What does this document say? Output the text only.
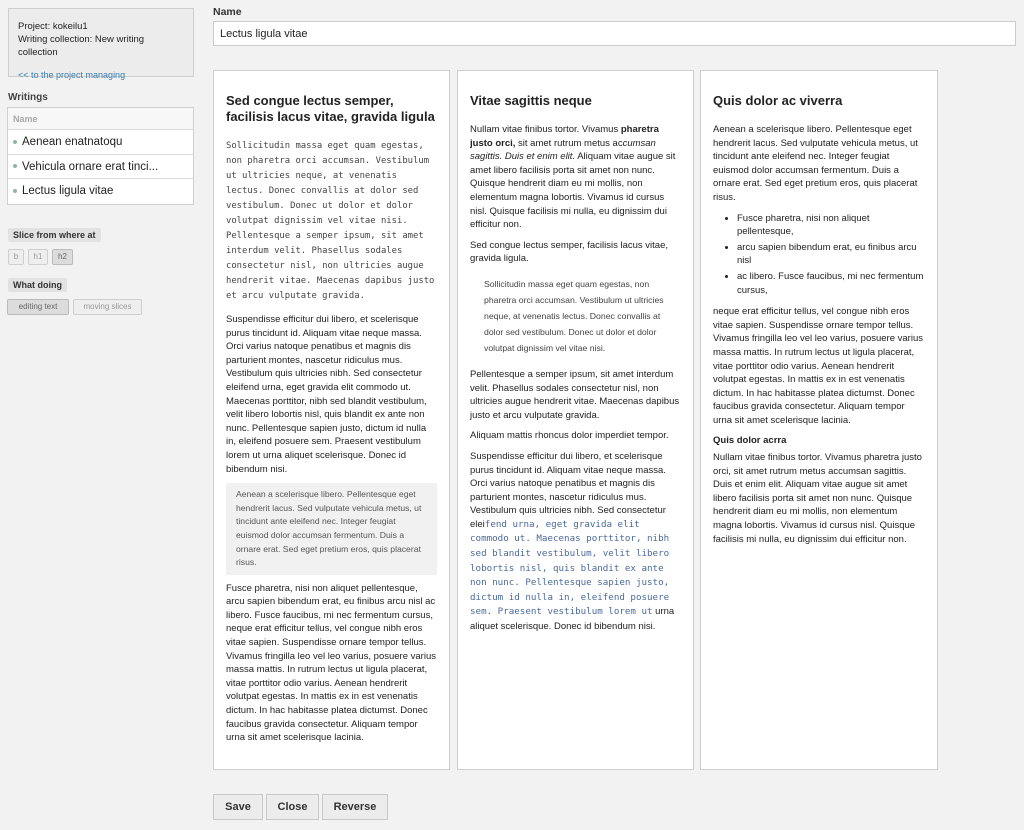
Project: kokeilu1
Writing collection: New writing collection
<< to the project managing
Writings
Name
Aenean enatnatoqu
Vehicula ornare erat tinci...
Lectus ligula vitae
Slice from where at
b	h1	h2
What doing
editing text	moving slices
Name
Lectus ligula vitae
Sed congue lectus semper, facilisis lacus vitae, gravida ligula

Sollicitudin massa eget quam egestas, non pharetra orci accumsan. Vestibulum ut ultricies neque, at venenatis lectus. Donec convallis at dolor sed vestibulum. Donec ut dolor et dolor volutpat dignissim vel vitae nisi. Pellentesque a semper ipsum, sit amet interdum velit. Phasellus sodales consectetur nisl, non ultricies augue hendrerit vitae. Maecenas dapibus justo et arcu vulputate gravida.

Suspendisse efficitur dui libero, et scelerisque purus tincidunt id. Aliquam vitae neque massa. Orci varius natoque penatibus et magnis dis parturient montes, nascetur ridiculus mus. Vestibulum quis ultricies nibh. Sed consectetur eleifend urna, eget gravida elit commodo ut. Maecenas porttitor, nibh sed blandit vestibulum, velit libero lobortis nisl, quis blandit ex ante non nunc. Pellentesque sapien justo, dictum id nulla in, eleifend posuere sem. Praesent vestibulum lorem ut urna aliquet scelerisque. Donec id bibendum nisi.

Aenean a scelerisque libero. Pellentesque eget hendrerit lacus. Sed vulputate vehicula metus, ut tincidunt ante eleifend nec. Integer feugiat euismod dolor accumsan fermentum. Duis a ornare erat. Sed eget pretium eros, quis placerat risus.

Fusce pharetra, nisi non aliquet pellentesque, arcu sapien bibendum erat, eu finibus arcu nisl ac libero. Fusce faucibus, mi nec fermentum cursus, neque erat efficitur tellus, vel congue nibh eros vitae sapien. Suspendisse ornare tempor tellus. Vivamus fringilla leo vel leo varius, posuere varius massa mattis. In rutrum lectus ut ligula placerat, vitae porttitor odio varius. Aenean hendrerit volutpat egestas. In mattis ex in est venenatis dictum. In hac habitasse platea dictumst. Donec faucibus gravida consectetur. Aliquam tempor urna sit amet scelerisque lacinia.

Vitae sagittis neque

Nullam vitae finibus tortor. Vivamus pharetra justo orci, sit amet rutrum metus accumsan sagittis. Duis et enim elit. Aliquam vitae augue sit amet libero facilisis porta sit amet non nunc. Quisque hendrerit diam eu mi mollis, non elementum magna lobortis. Vivamus id cursus nisl. Quisque facilisis mi nulla, eu dignissim dui efficitur non.

Sed congue lectus semper, facilisis lacus vitae, gravida ligula.

Sollicitudin massa eget quam egestas, non pharetra orci accumsan. Vestibulum ut ultricies neque, at venenatis lectus. Donec convallis at dolor sed vestibulum. Donec ut dolor et dolor volutpat dignissim vel vitae nisi.

Pellentesque a semper ipsum, sit amet interdum velit. Phasellus sodales consectetur nisl, non ultricies augue hendrerit vitae. Maecenas dapibus justo et arcu vulputate gravida.

Aliquam mattis rhoncus dolor imperdiet tempor.

Suspendisse efficitur dui libero, et scelerisque purus tincidunt id. Aliquam vitae neque massa. Orci varius natoque penatibus et magnis dis parturient montes, nascetur ridiculus mus. Vestibulum quis ultricies nibh. Sed consectetur eleifend urna, eget gravida elit commodo ut. Maecenas porttitor, nibh sed blandit vestibulum, velit libero lobortis nisl, quis blandit ex ante non nunc. Pellentesque sapien justo, dictum id nulla in, eleifend posuere sem. Praesent vestibulum lorem ut urna aliquet scelerisque. Donec id bibendum nisi.

Quis dolor ac viverra

Aenean a scelerisque libero. Pellentesque eget hendrerit lacus. Sed vulputate vehicula metus, ut tincidunt ante eleifend nec. Integer feugiat euismod dolor accumsan fermentum. Duis a ornare erat. Sed eget pretium eros, quis placerat risus.

• Fusce pharetra, nisi non aliquet pellentesque,
• arcu sapien bibendum erat, eu finibus arcu nisl
• ac libero. Fusce faucibus, mi nec fermentum cursus,

neque erat efficitur tellus, vel congue nibh eros vitae sapien. Suspendisse ornare tempor tellus. Vivamus fringilla leo vel leo varius, posuere varius massa mattis. In rutrum lectus ut ligula placerat, vitae porttitor odio varius. Aenean hendrerit volutpat egestas. In mattis ex in est venenatis dictum. In hac habitasse platea dictumst. Donec faucibus gravida consectetur. Aliquam tempor urna sit amet scelerisque lacinia.

Quis dolor acrra

Nullam vitae finibus tortor. Vivamus pharetra justo orci, sit amet rutrum metus accumsan sagittis. Duis et enim elit. Aliquam vitae augue sit amet libero facilisis porta sit amet non nunc. Quisque hendrerit diam eu mi mollis, non elementum magna lobortis. Vivamus id cursus nisl. Quisque facilisis mi nulla, eu dignissim dui efficitur non.

Save	Close	Reverse
